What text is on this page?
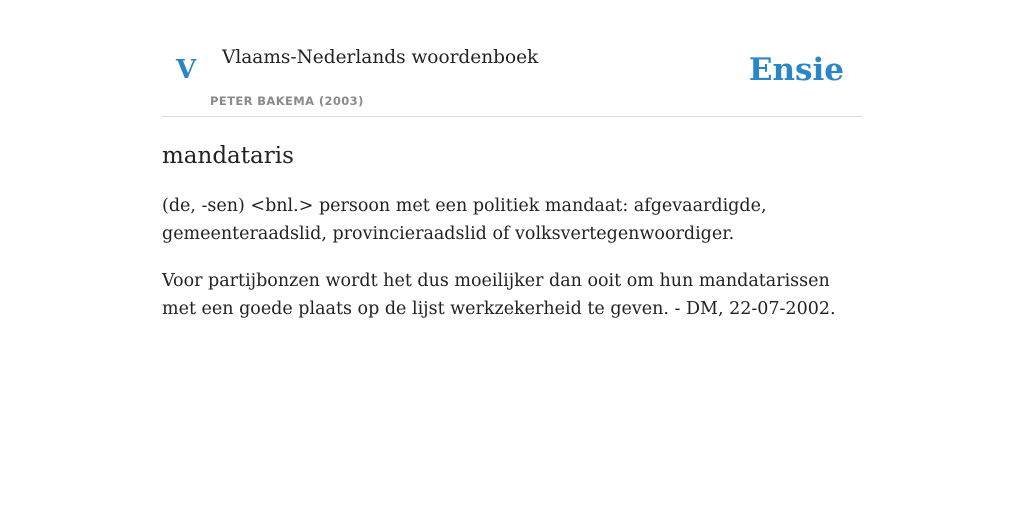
V Vlaams-Nederlands woordenboek
PETER BAKEMA (2003)
Ensie
mandataris

(de, -sen) <bnl.> persoon met een politiek mandaat: afgevaardigde, gemeenteraadslid, provincieraadslid of volksvertegenwoordiger.

Voor partijbonzen wordt het dus moeilijker dan ooit om hun mandatarissen met een goede plaats op de lijst werkzekerheid te geven. - DM, 22-07-2002.
